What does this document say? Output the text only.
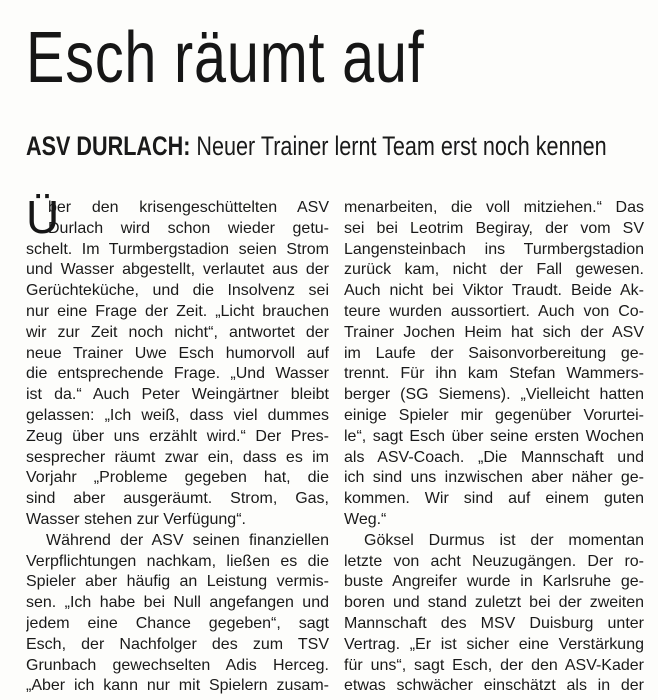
Esch räumt auf
ASV DURLACH: Neuer Trainer lernt Team erst noch kennen
Ü
ber den krisengeschüttelten ASV
Durlach wird schon wieder getu-
schelt. Im Turmbergstadion seien Strom
und Wasser abgestellt, verlautet aus der
Gerüchteküche, und die Insolvenz sei
nur eine Frage der Zeit. „Licht brauchen
wir zur Zeit noch nicht“, antwortet der
neue Trainer Uwe Esch humorvoll auf
die entsprechende Frage. „Und Wasser
ist da.“ Auch Peter Weingärtner bleibt
gelassen: „Ich weiß, dass viel dummes
Zeug über uns erzählt wird.“ Der Pres-
sesprecher räumt zwar ein, dass es im
Vorjahr „Probleme gegeben hat, die
sind aber ausgeräumt. Strom, Gas,
Wasser stehen zur Verfügung“.
Während der ASV seinen finanziellen
Verpflichtungen nachkam, ließen es die
Spieler aber häufig an Leistung vermis-
sen. „Ich habe bei Null angefangen und
jedem eine Chance gegeben“, sagt
Esch, der Nachfolger des zum TSV
Grunbach gewechselten Adis Herceg.
„Aber ich kann nur mit Spielern zusam-
menarbeiten, die voll mitziehen.“ Das
sei bei Leotrim Begiray, der vom SV
Langensteinbach ins Turmbergstadion
zurück kam, nicht der Fall gewesen.
Auch nicht bei Viktor Traudt. Beide Ak-
teure wurden aussortiert. Auch von Co-
Trainer Jochen Heim hat sich der ASV
im Laufe der Saisonvorbereitung ge-
trennt. Für ihn kam Stefan Wammers-
berger (SG Siemens). „Vielleicht hatten
einige Spieler mir gegenüber Vorurtei-
le“, sagt Esch über seine ersten Wochen
als ASV-Coach. „Die Mannschaft und
ich sind uns inzwischen aber näher ge-
kommen. Wir sind auf einem guten
Weg.“
Göksel Durmus ist der momentan
letzte von acht Neuzugängen. Der ro-
buste Angreifer wurde in Karlsruhe ge-
boren und stand zuletzt bei der zweiten
Mannschaft des MSV Duisburg unter
Vertrag. „Er ist sicher eine Verstärkung
für uns“, sagt Esch, der den ASV-Kader
etwas schwächer einschätzt als in der
